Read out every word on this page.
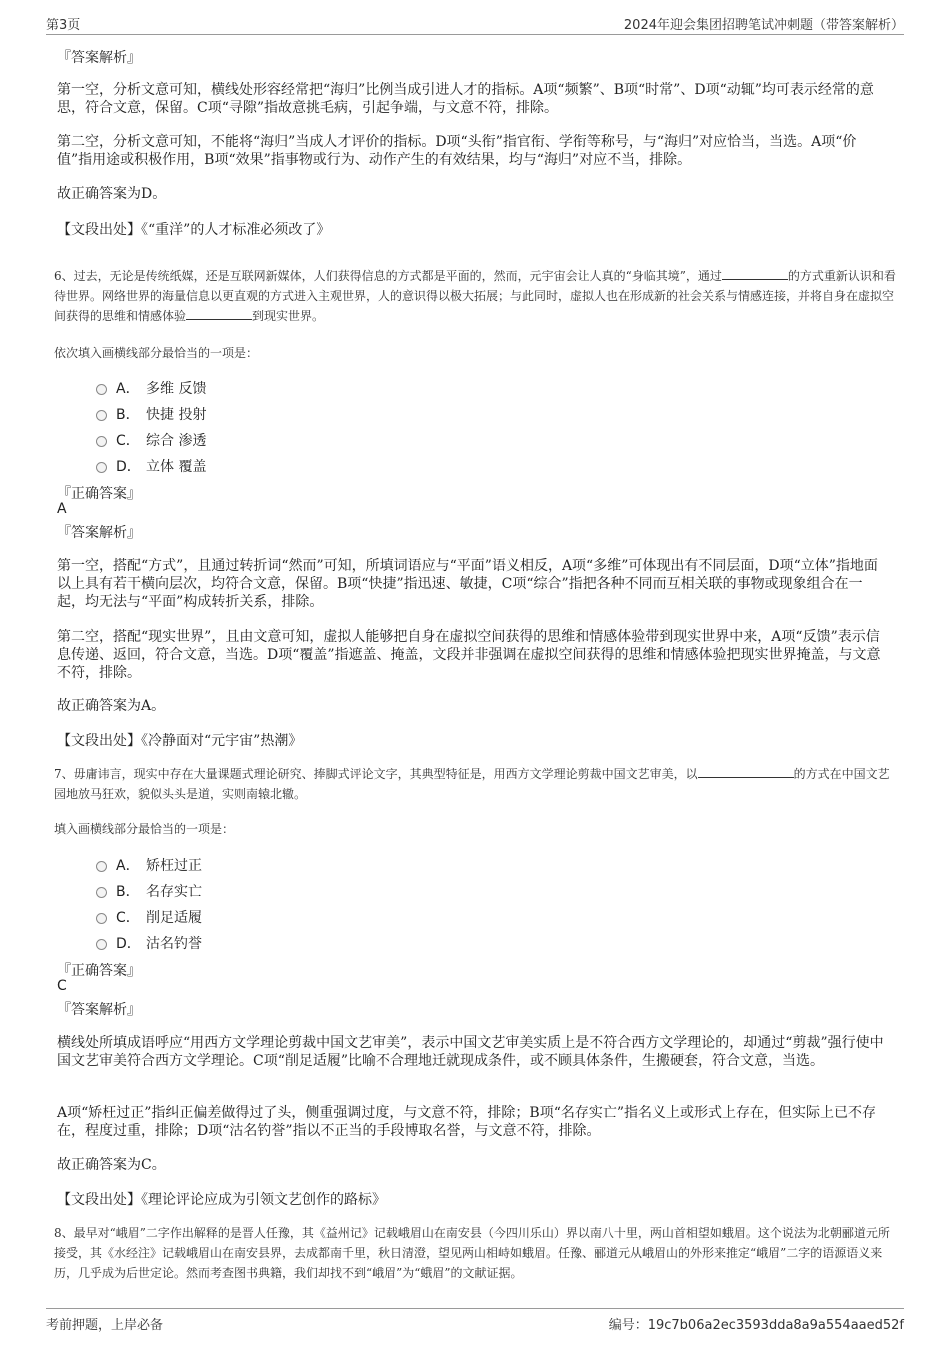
第3页	2024年迎会集团招聘笔试冲刺题（带答案解析）
『答案解析』
第一空，分析文意可知，横线处形容经常把“海归”比例当成引进人才的指标。A项“频繁”、B项“时常”、D项“动辄”均可表示经常的意思，符合文意，保留。C项“寻隙”指故意挑毛病，引起争端，与文意不符，排除。
第二空，分析文意可知，不能将“海归”当成人才评价的指标。D项“头衔”指官衔、学衔等称号，与“海归”对应恰当，当选。A项“价值”指用途或积极作用，B项“效果”指事物或行为、动作产生的有效结果，均与“海归”对应不当，排除。
故正确答案为D。
【文段出处】《“重洋”的人才标准必须改了》
6、过去，无论是传统纸媒，还是互联网新媒体，人们获得信息的方式都是平面的，然而，元宇宙会让人真的“身临其境”，通过	的方式重新认识和看待世界。网络世界的海量信息以更直观的方式进入主观世界，人的意识得以极大拓展；与此同时，虚拟人也在形成新的社会关系与情感连接，并将自身在虚拟空间获得的思维和情感体验	到现实世界。
依次填入画横线部分最恰当的一项是：
A． 多维 反馈
B． 快捷 投射
C． 综合 渗透
D． 立体 覆盖
『正确答案』
A
『答案解析』
第一空，搭配“方式”，且通过转折词“然而”可知，所填词语应与“平面”语义相反，A项“多维”可体现出有不同层面，D项“立体”指地面以上具有若干横向层次，均符合文意，保留。B项“快捷”指迅速、敏捷，C项“综合”指把各种不同而互相关联的事物或现象组合在一起，均无法与“平面”构成转折关系，排除。
第二空，搭配“现实世界”，且由文意可知，虚拟人能够把自身在虚拟空间获得的思维和情感体验带到现实世界中来，A项“反馈”表示信息传递、返回，符合文意，当选。D项“覆盖”指遮盖、掩盖，文段并非强调在虚拟空间获得的思维和情感体验把现实世界掩盖，与文意不符，排除。
故正确答案为A。
【文段出处】《冷静面对“元宇宙”热潮》
7、毋庸讳言，现实中存在大量课题式理论研究、捧脚式评论文字，其典型特征是，用西方文学理论剪裁中国文艺审美，以	的方式在中国文艺园地放马狂欢，貌似头头是道，实则南辕北辙。
填入画横线部分最恰当的一项是：
A． 矫枉过正
B． 名存实亡
C． 削足适履
D． 沽名钓誉
『正确答案』
C
『答案解析』
横线处所填成语呼应“用西方文学理论剪裁中国文艺审美”，表示中国文艺审美实质上是不符合西方文学理论的，却通过“剪裁”强行使中国文艺审美符合西方文学理论。C项“削足适履”比喻不合理地迁就现成条件，或不顾具体条件，生搬硬套，符合文意，当选。
A项“矫枉过正”指纠正偏差做得过了头，侧重强调过度，与文意不符，排除；B项“名存实亡”指名义上或形式上存在，但实际上已不存在，程度过重，排除；D项“沽名钓誉”指以不正当的手段博取名誉，与文意不符，排除。
故正确答案为C。
【文段出处】《理论评论应成为引领文艺创作的路标》
8、最早对“峨眉”二字作出解释的是晋人任豫，其《益州记》记载峨眉山在南安县（今四川乐山）界以南八十里，两山首相望如蛾眉。这个说法为北朝郦道元所接受，其《水经注》记载峨眉山在南安县界，去成都南千里，秋日清澄，望见两山相峙如蛾眉。任豫、郦道元从峨眉山的外形来推定“峨眉”二字的语源语义来历，几乎成为后世定论。然而考查图书典籍，我们却找不到“峨眉”为“蛾眉”的文献证据。
考前押题，上岸必备	编号：19c7b06a2ec3593dda8a9a554aaed52f
